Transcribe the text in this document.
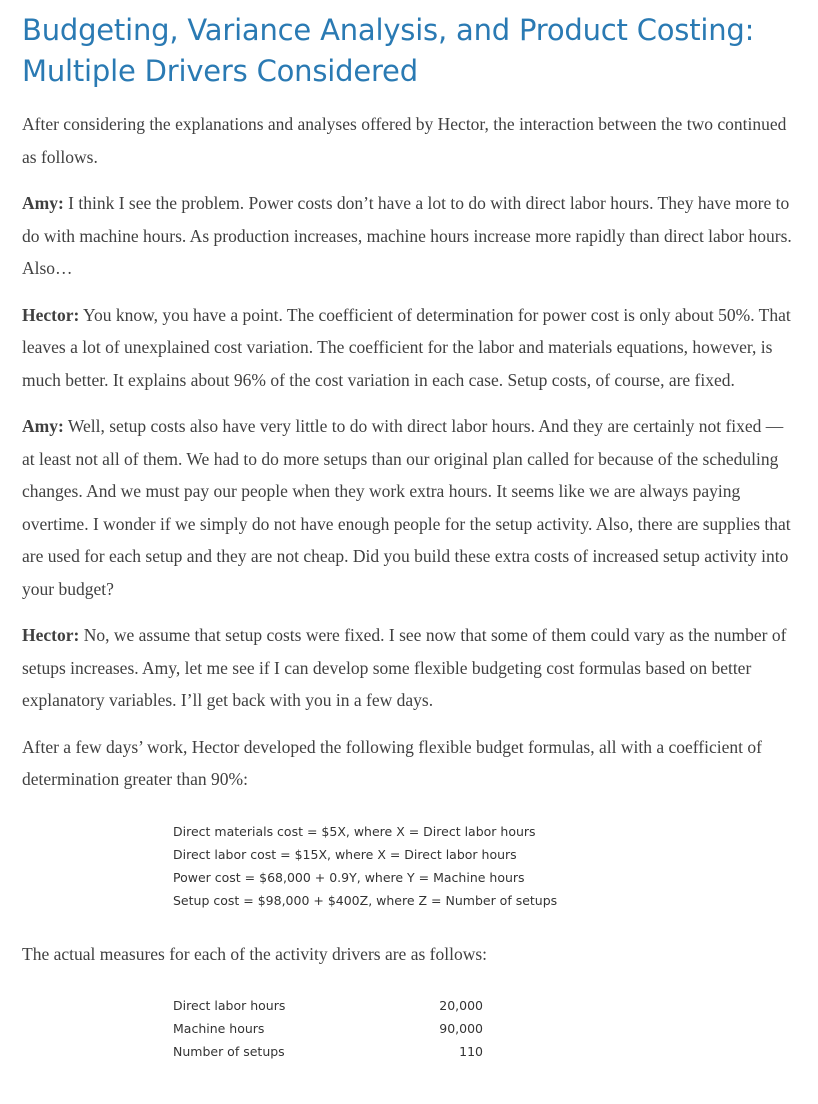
Budgeting, Variance Analysis, and Product Costing: Multiple Drivers Considered

After considering the explanations and analyses offered by Hector, the interaction between the two continued as follows.

Amy: I think I see the problem. Power costs don’t have a lot to do with direct labor hours. They have more to do with machine hours. As production increases, machine hours increase more rapidly than direct labor hours. Also…

Hector: You know, you have a point. The coefficient of determination for power cost is only about 50%. That leaves a lot of unexplained cost variation. The coefficient for the labor and materials equations, however, is much better. It explains about 96% of the cost variation in each case. Setup costs, of course, are fixed.

Amy: Well, setup costs also have very little to do with direct labor hours. And they are certainly not fixed —at least not all of them. We had to do more setups than our original plan called for because of the scheduling changes. And we must pay our people when they work extra hours. It seems like we are always paying overtime. I wonder if we simply do not have enough people for the setup activity. Also, there are supplies that are used for each setup and they are not cheap. Did you build these extra costs of increased setup activity into your budget?

Hector: No, we assume that setup costs were fixed. I see now that some of them could vary as the number of setups increases. Amy, let me see if I can develop some flexible budgeting cost formulas based on better explanatory variables. I’ll get back with you in a few days.

After a few days’ work, Hector developed the following flexible budget formulas, all with a coefficient of determination greater than 90%:

Direct materials cost = $5X, where X = Direct labor hours
Direct labor cost = $15X, where X = Direct labor hours
Power cost = $68,000 + 0.9Y, where Y = Machine hours
Setup cost = $98,000 + $400Z, where Z = Number of setups

The actual measures for each of the activity drivers are as follows:

Direct labor hours	20,000
Machine hours	90,000
Number of setups	110
